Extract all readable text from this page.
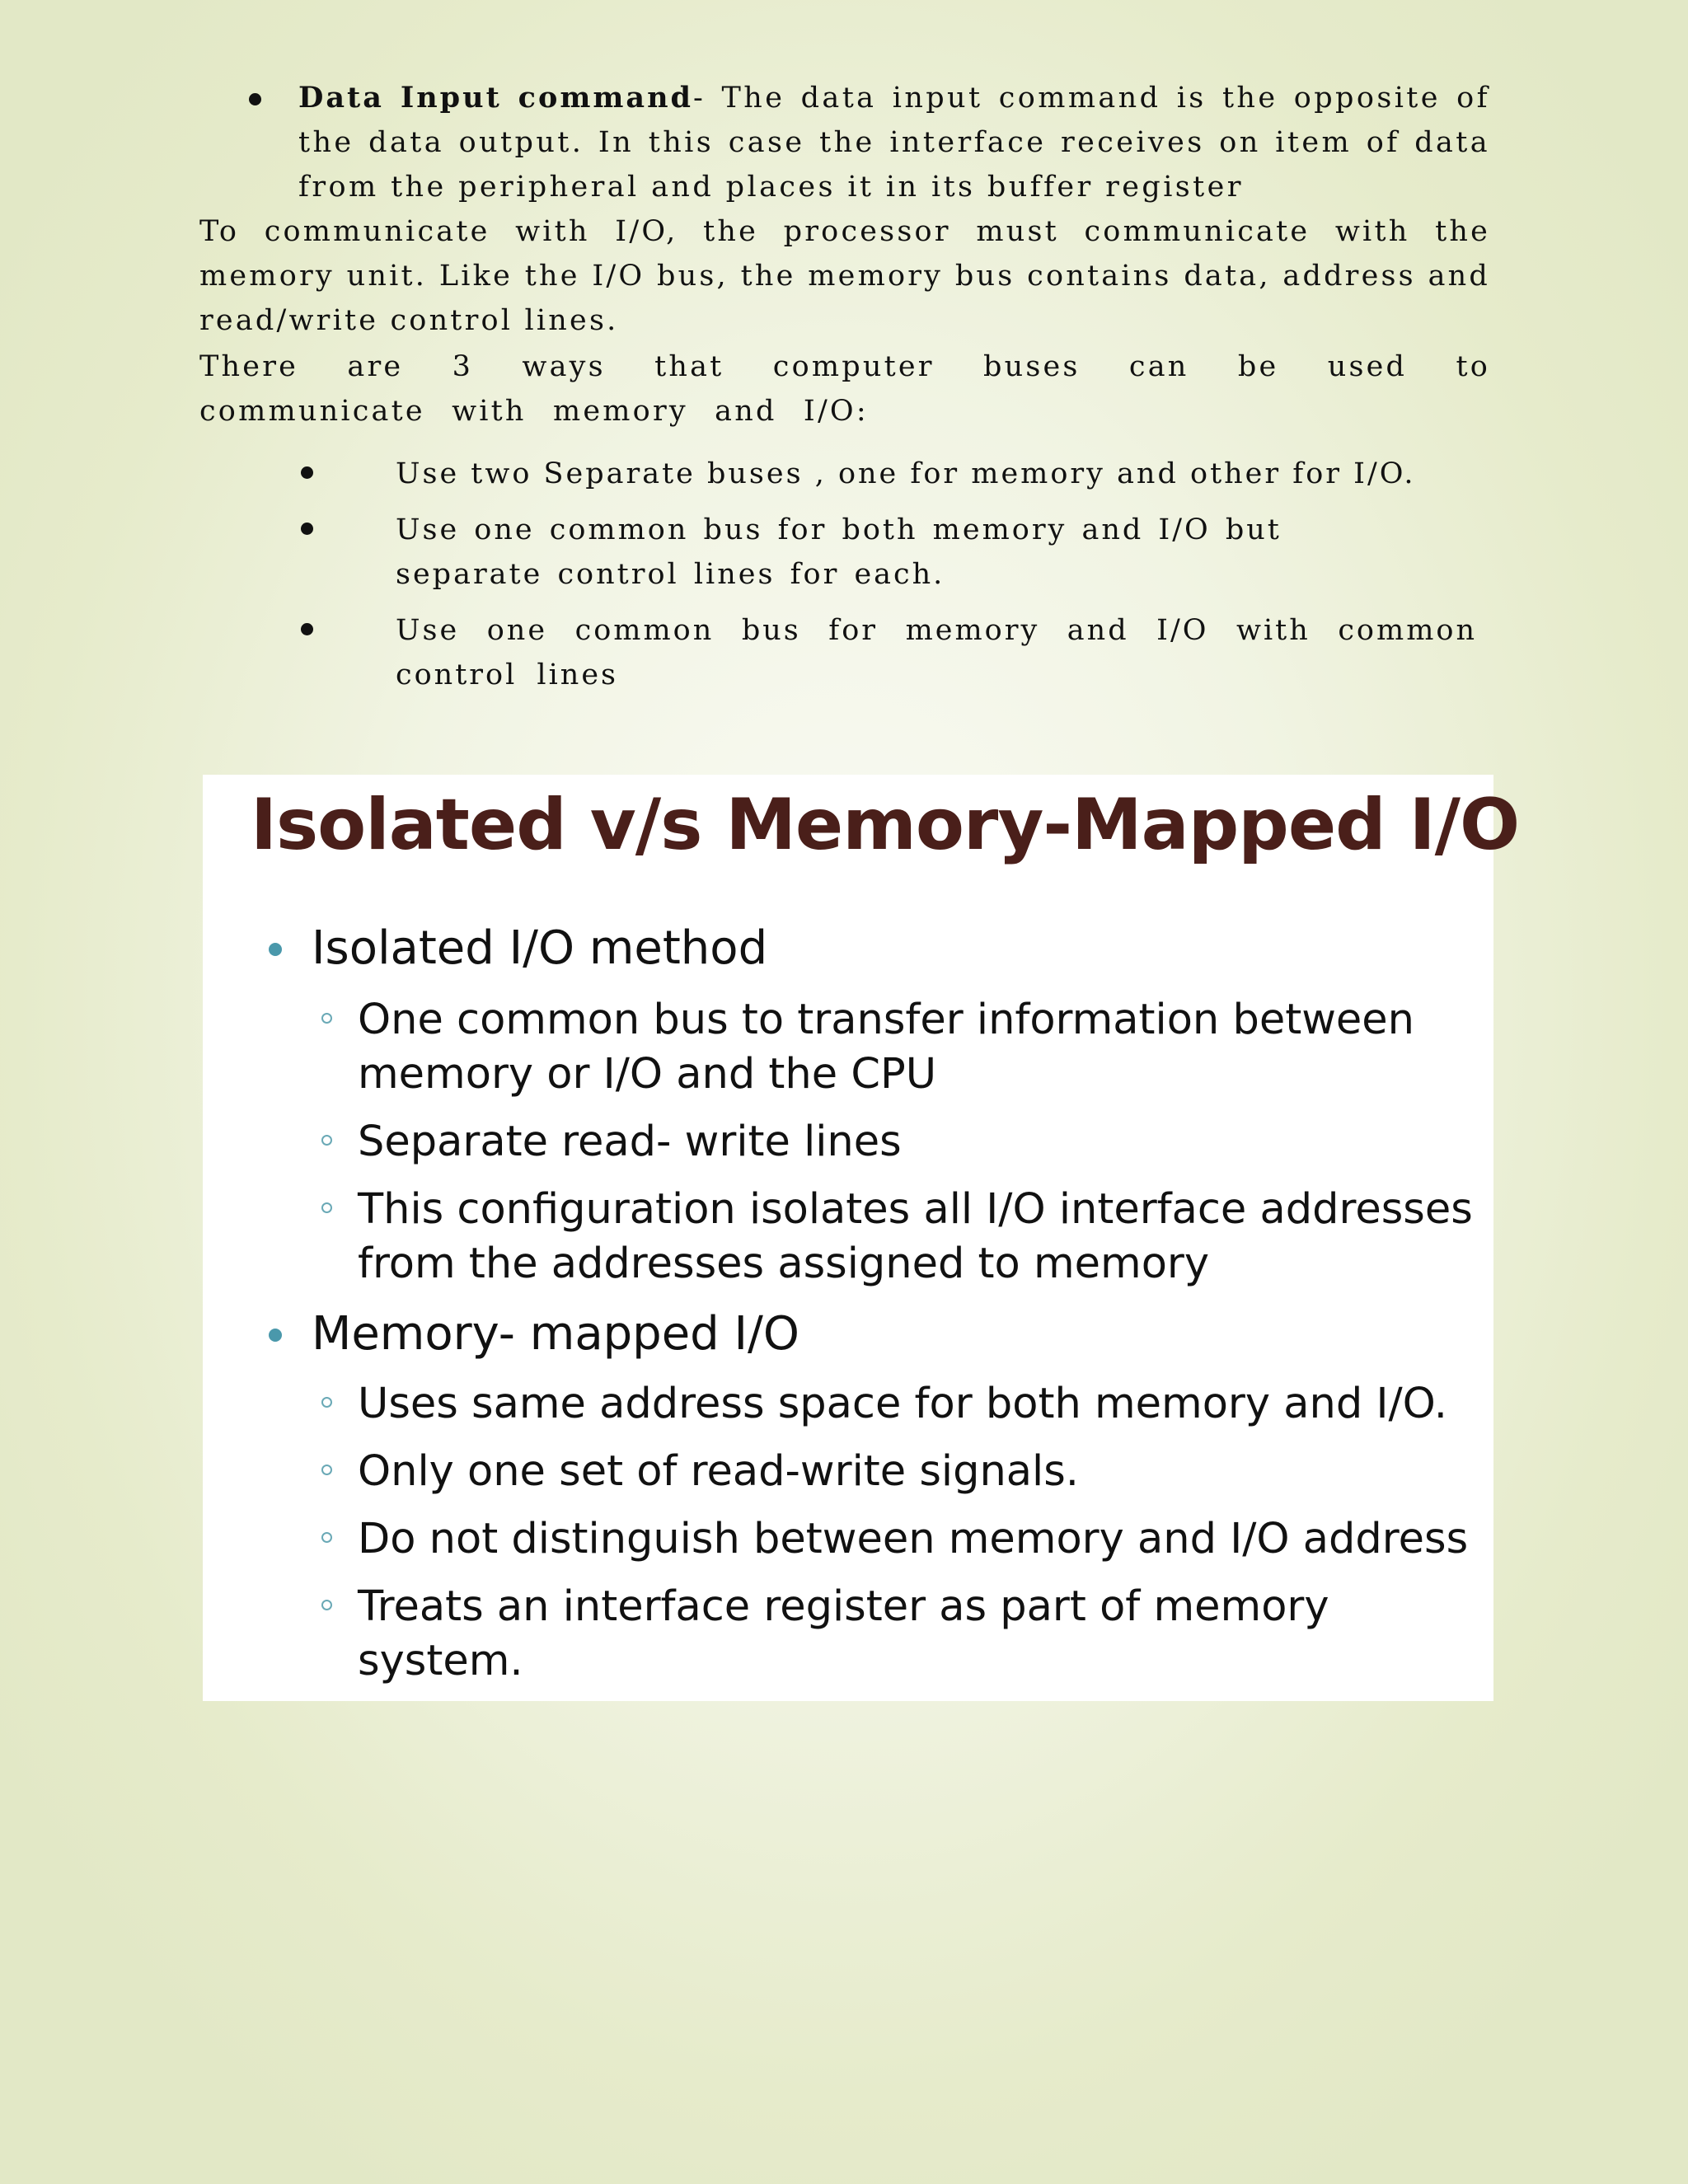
Data Input command- The data input command is the opposite of the data output. In this case the interface receives on item of data from the peripheral and places it in its buffer register

To communicate with I/O, the processor must communicate with the memory unit. Like the I/O bus, the memory bus contains data, address and read/write control lines.

There are 3 ways that computer buses can be used to communicate with memory and I/O:

Use two Separate buses , one for memory and other for I/O.
Use one common bus for both memory and I/O but separate control lines for each.
Use one common bus for memory and I/O with common control lines
Isolated v/s Memory-Mapped I/O

Isolated I/O method

One common bus to transfer information between

memory or I/O and the CPU

Separate read- write lines

This configuration isolates all I/O interface addresses

from the addresses assigned to memory

Memory- mapped I/O

Uses same address space for both memory and I/O.

Only one set of read-write signals.

Do not distinguish between memory and I/O address

Treats an interface register as part of memory

system.
